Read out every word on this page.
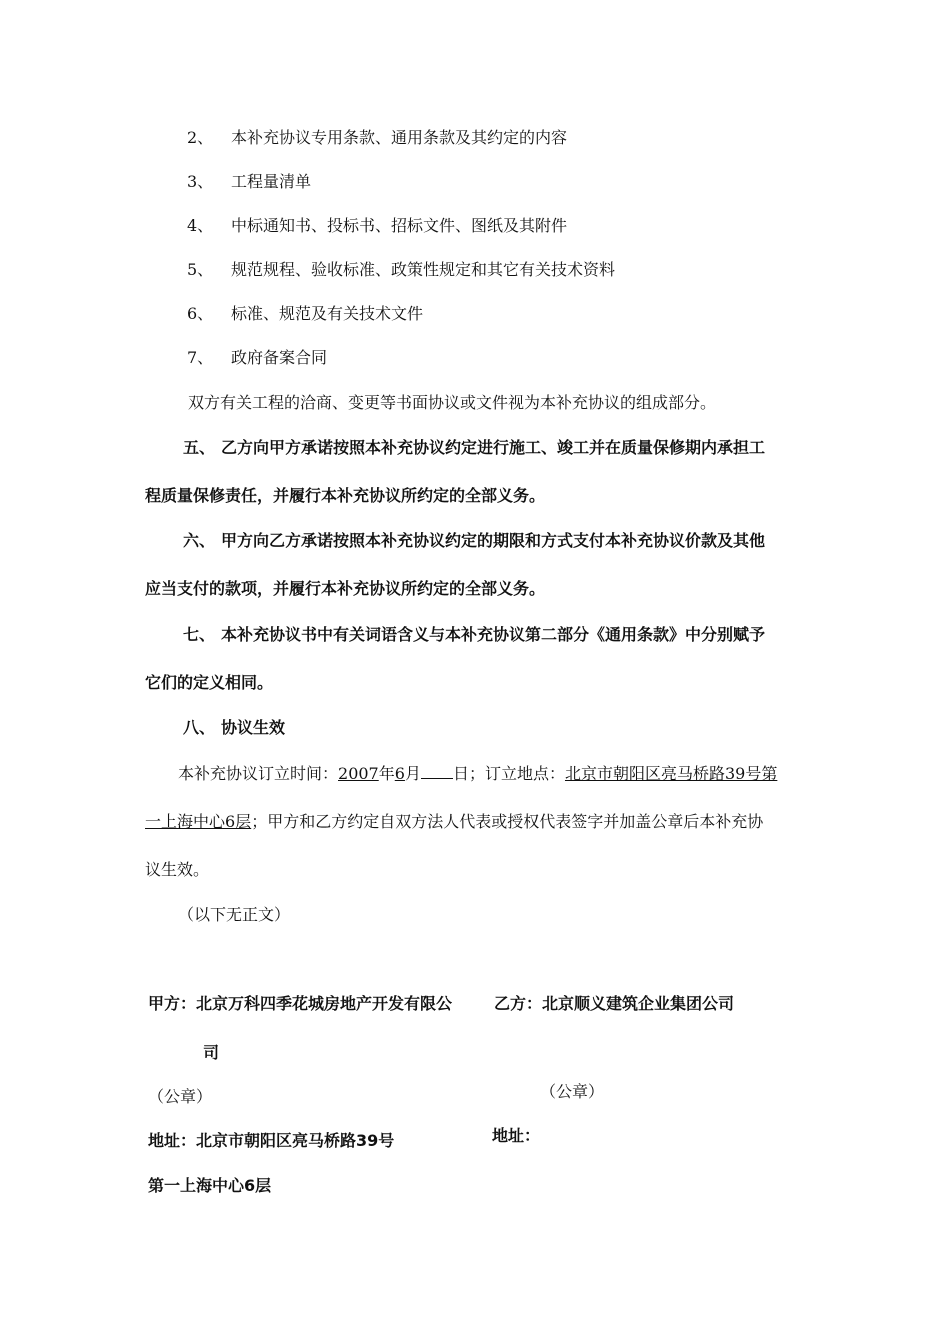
2、 本补充协议专用条款、通用条款及其约定的内容
3、 工程量清单
4、 中标通知书、投标书、招标文件、图纸及其附件
5、 规范规程、验收标准、政策性规定和其它有关技术资料
6、 标准、规范及有关技术文件
7、 政府备案合同
双方有关工程的洽商、变更等书面协议或文件视为本补充协议的组成部分。
五、 乙方向甲方承诺按照本补充协议约定进行施工、竣工并在质量保修期内承担工
程质量保修责任，并履行本补充协议所约定的全部义务。
六、 甲方向乙方承诺按照本补充协议约定的期限和方式支付本补充协议价款及其他
应当支付的款项，并履行本补充协议所约定的全部义务。
七、 本补充协议书中有关词语含义与本补充协议第二部分《通用条款》中分别赋予
它们的定义相同。
八、 协议生效
本补充协议订立时间：2007年6月 日；订立地点：北京市朝阳区亮马桥路39号第
一上海中心6层；甲方和乙方约定自双方法人代表或授权代表签字并加盖公章后本补充协
议生效。
（以下无正文）
甲方：北京万科四季花城房地产开发有限公
司
（公章）
地址：北京市朝阳区亮马桥路39号
第一上海中心6层
乙方：北京顺义建筑企业集团公司
（公章）
地址：
